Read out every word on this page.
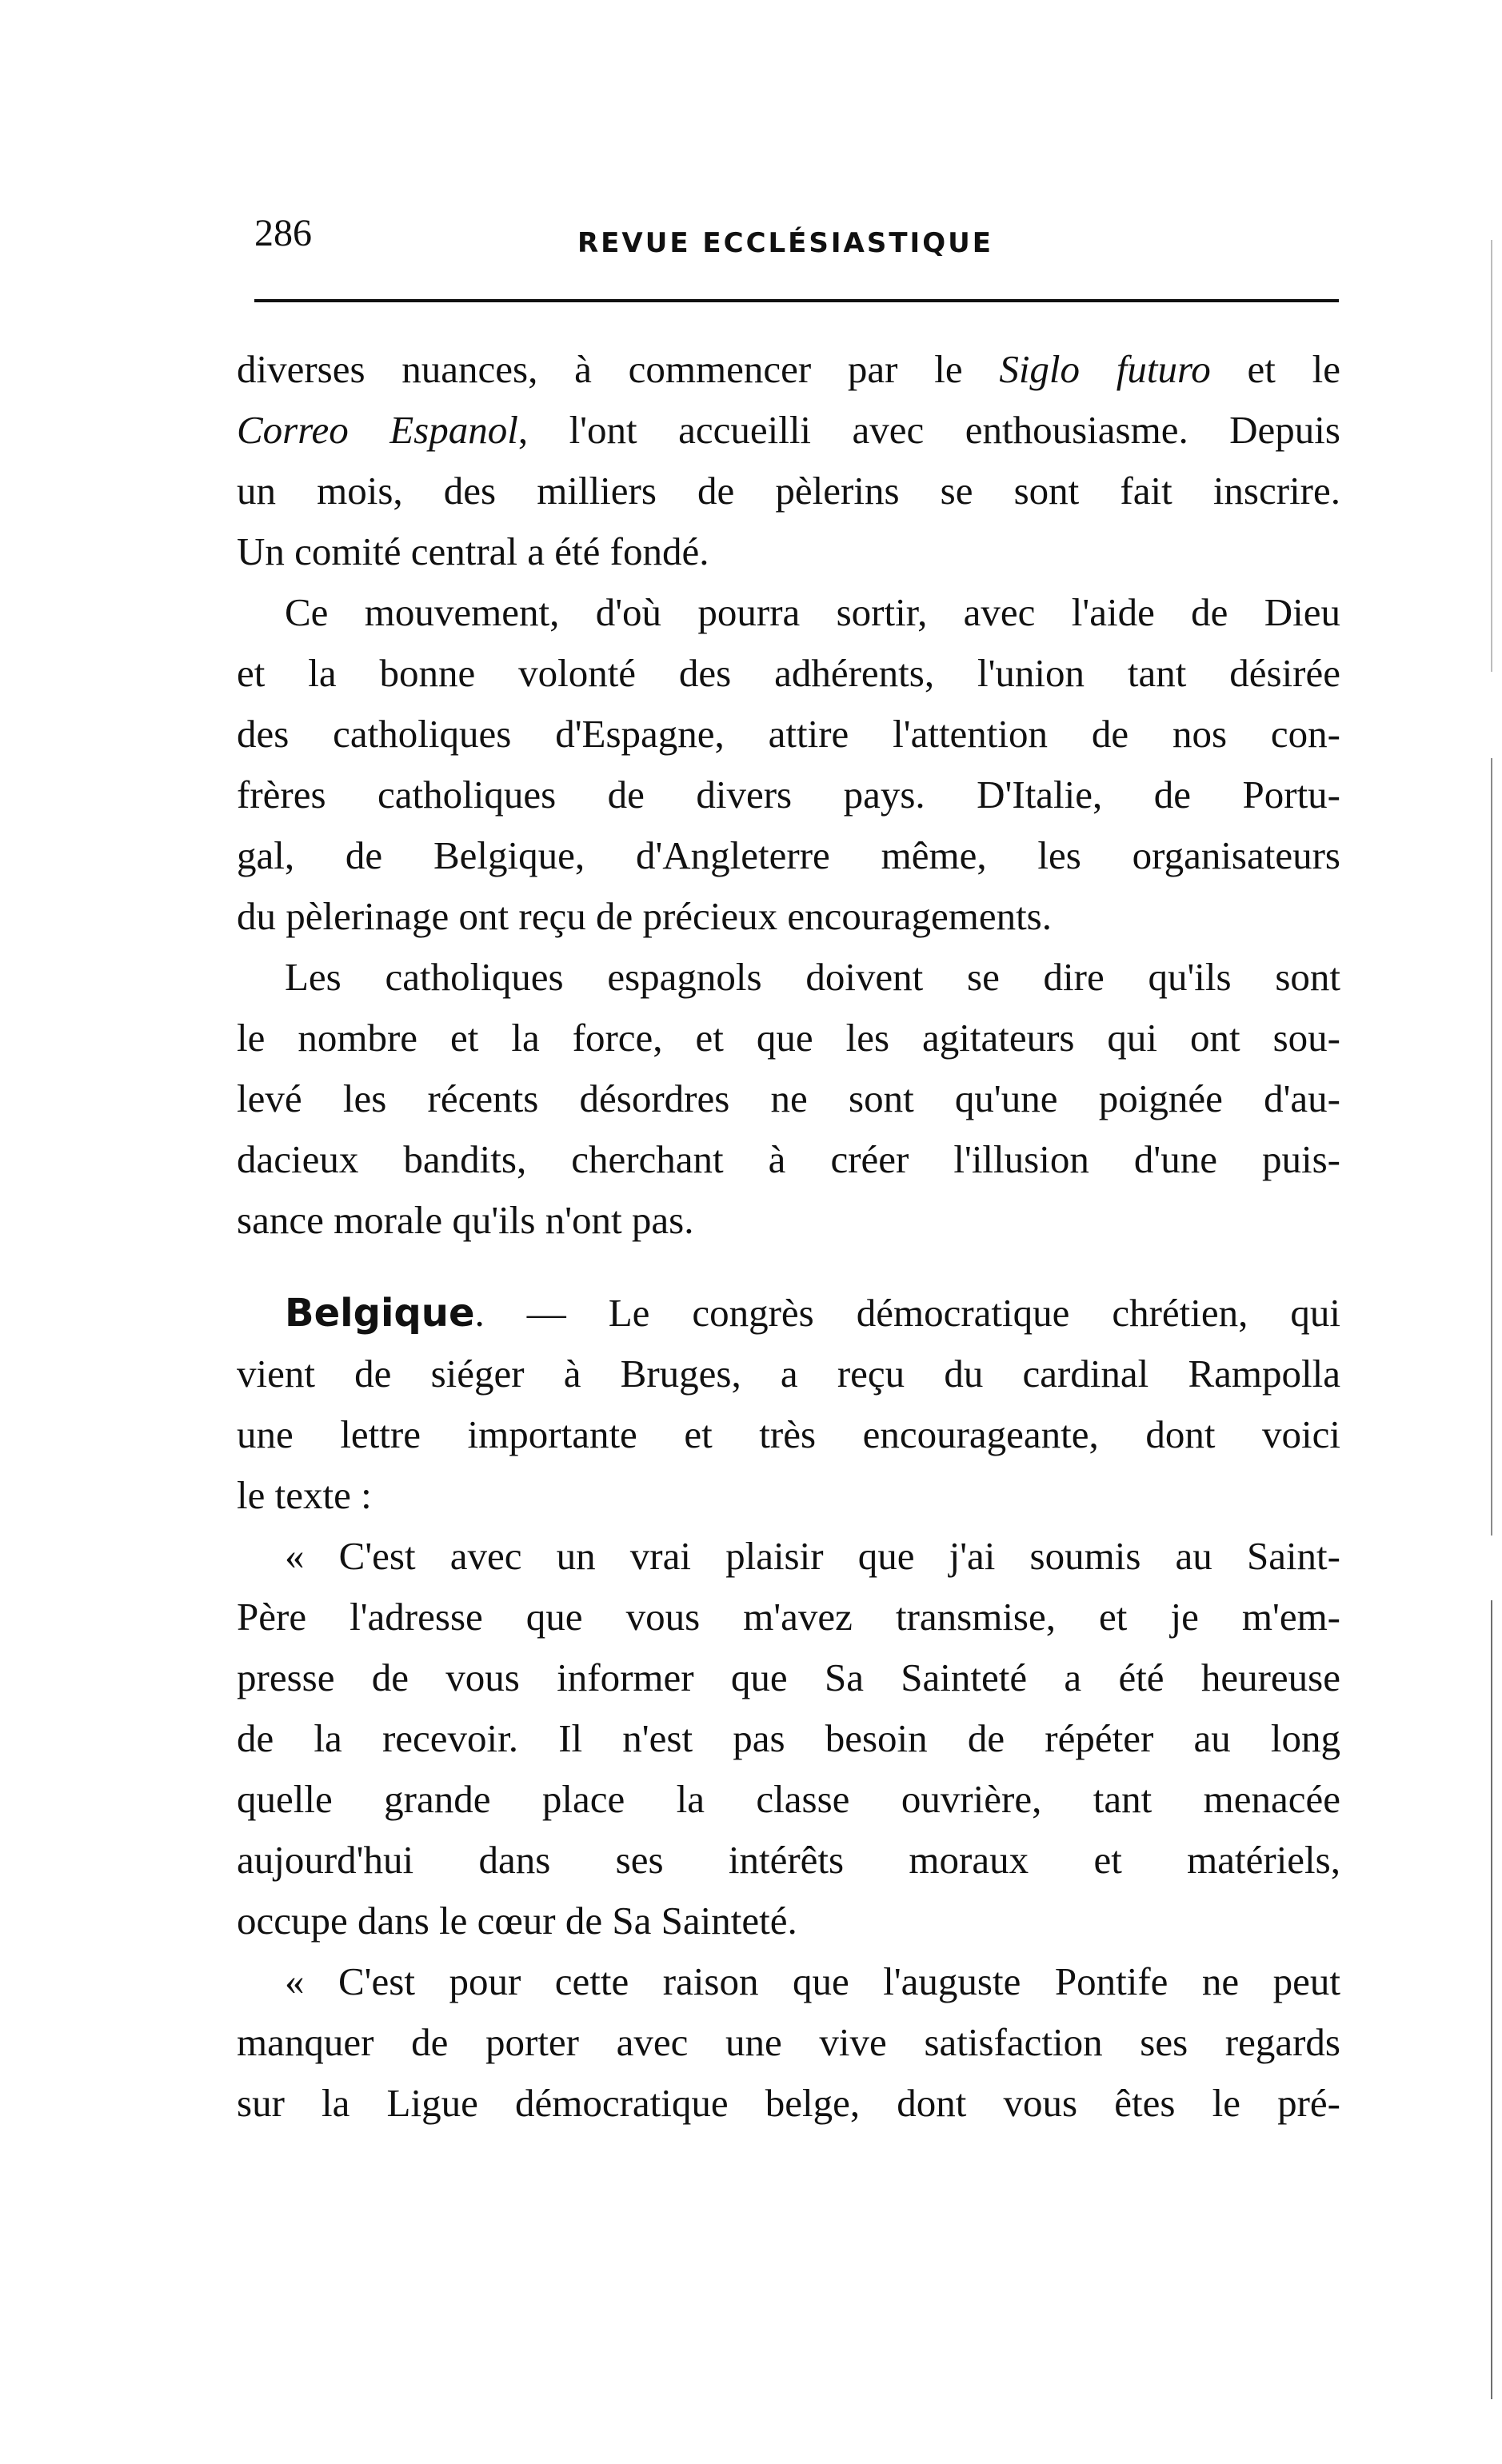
286	REVUE ECCLÉSIASTIQUE
diverses nuances, à commencer par le Siglo futuro et le
Correo Espanol, l'ont accueilli avec enthousiasme. Depuis
un mois, des milliers de pèlerins se sont fait inscrire.
Un comité central a été fondé.
Ce mouvement, d'où pourra sortir, avec l'aide de Dieu
et la bonne volonté des adhérents, l'union tant désirée
des catholiques d'Espagne, attire l'attention de nos con-
frères catholiques de divers pays. D'Italie, de Portu-
gal, de Belgique, d'Angleterre même, les organisateurs
du pèlerinage ont reçu de précieux encouragements.
Les catholiques espagnols doivent se dire qu'ils sont
le nombre et la force, et que les agitateurs qui ont sou-
levé les récents désordres ne sont qu'une poignée d'au-
dacieux bandits, cherchant à créer l'illusion d'une puis-
sance morale qu'ils n'ont pas.
Belgique. — Le congrès démocratique chrétien, qui
vient de siéger à Bruges, a reçu du cardinal Rampolla
une lettre importante et très encourageante, dont voici
le texte :
« C'est avec un vrai plaisir que j'ai soumis au Saint-
Père l'adresse que vous m'avez transmise, et je m'em-
presse de vous informer que Sa Sainteté a été heureuse
de la recevoir. Il n'est pas besoin de répéter au long
quelle grande place la classe ouvrière, tant menacée
aujourd'hui dans ses intérêts moraux et matériels,
occupe dans le cœur de Sa Sainteté.
« C'est pour cette raison que l'auguste Pontife ne peut
manquer de porter avec une vive satisfaction ses regards
sur la Ligue démocratique belge, dont vous êtes le pré-
